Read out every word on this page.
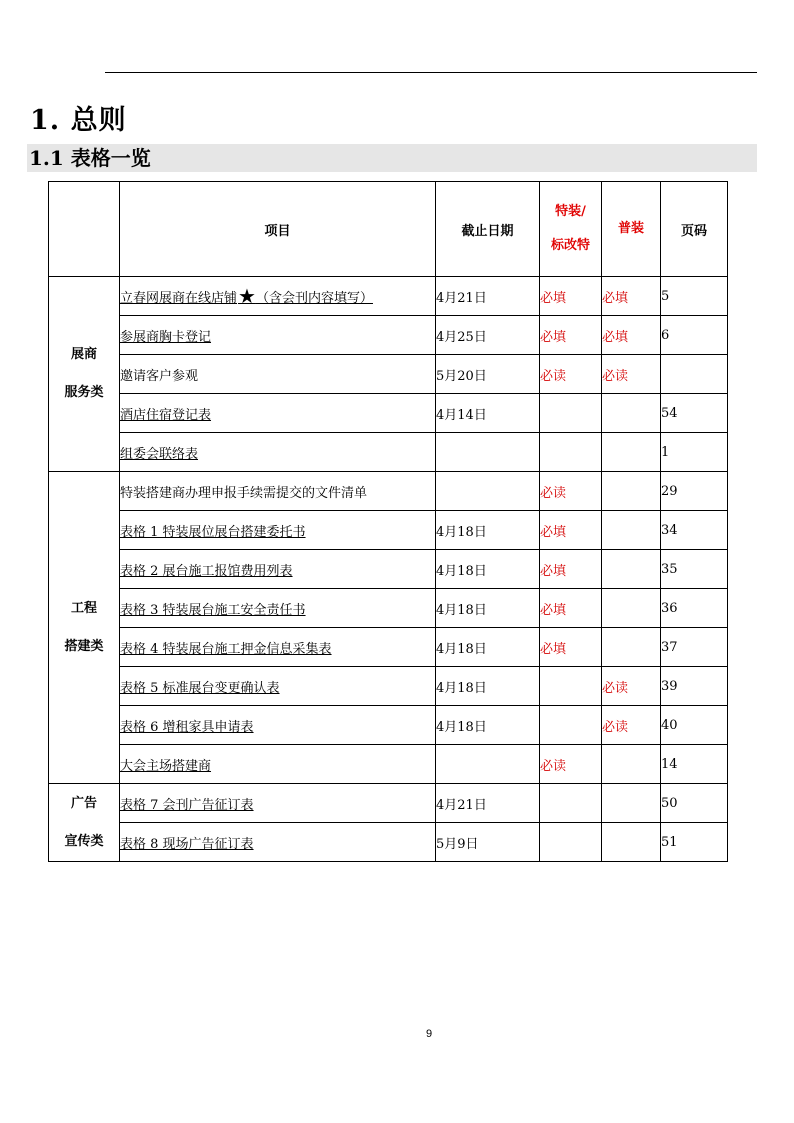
1. 总则
1.1 表格一览
	项目	截止日期	特装/
标改特	普装	页码

展商
服务类	立春网展商在线店铺★（含会刊内容填写）	4月21日	必填	必填	5
	参展商胸卡登记	4月25日	必填	必填	6
	邀请客户参观	5月20日	必读	必读	
	酒店住宿登记表	4月14日			54
	组委会联络表				1

工程
搭建类	特装搭建商办理申报手续需提交的文件清单		必读		29
	表格 1 特装展位展台搭建委托书	4月18日	必填		34
	表格 2 展台施工报馆费用列表	4月18日	必填		35
	表格 3 特装展台施工安全责任书	4月18日	必填		36
	表格 4 特装展台施工押金信息采集表	4月18日	必填		37
	表格 5 标准展台变更确认表	4月18日		必读	39
	表格 6 增租家具申请表	4月18日		必读	40
	大会主场搭建商		必读		14

广告
宣传类	表格 7 会刊广告征订表	4月21日			50
	表格 8 现场广告征订表	5月9日			51
9
